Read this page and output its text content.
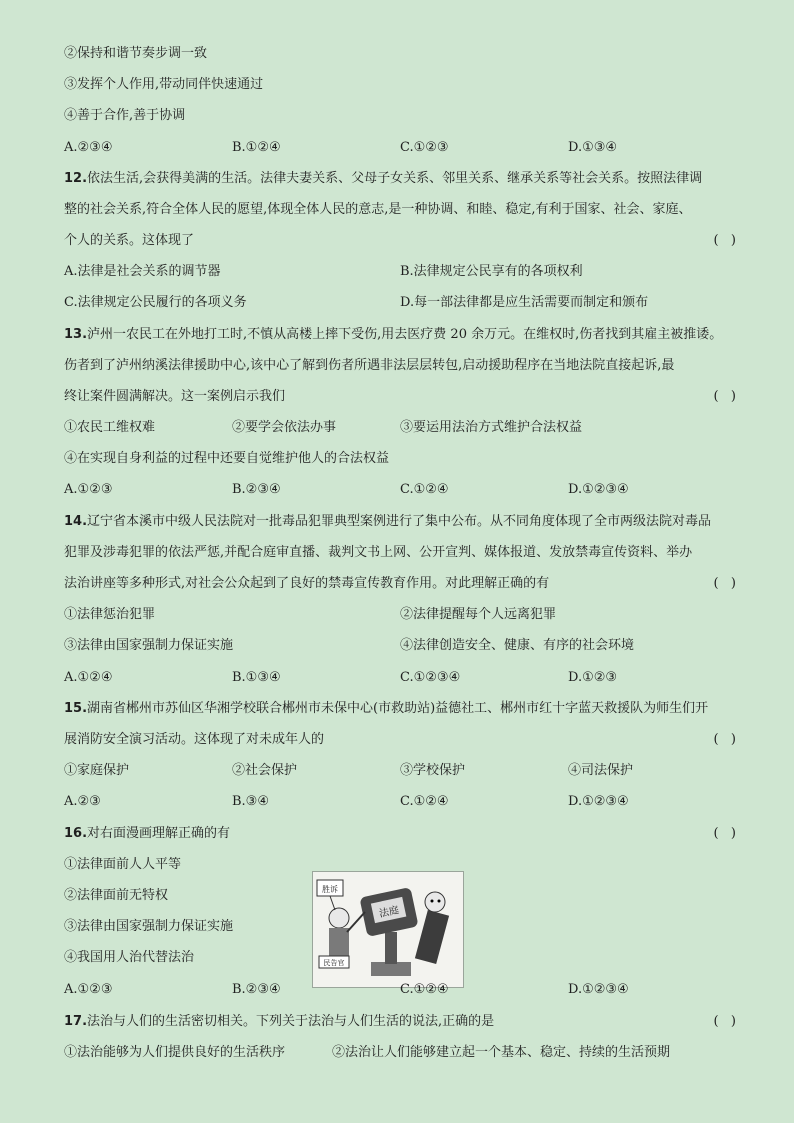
②保持和谐节奏步调一致
③发挥个人作用,带动同伴快速通过
④善于合作,善于协调
A.②③④	B.①②④	C.①②③	D.①③④
12.依法生活,会获得美满的生活。法律夫妻关系、父母子女关系、邻里关系、继承关系等社会关系。按照法律调
整的社会关系,符合全体人民的愿望,体现全体人民的意志,是一种协调、和睦、稳定,有利于国家、社会、家庭、
个人的关系。这体现了	(   )
A.法律是社会关系的调节器	B.法律规定公民享有的各项权利
C.法律规定公民履行的各项义务	D.每一部法律都是应生活需要而制定和颁布
13.泸州一农民工在外地打工时,不慎从高楼上摔下受伤,用去医疗费 20 余万元。在维权时,伤者找到其雇主被推诿。
伤者到了泸州纳溪法律援助中心,该中心了解到伤者所遇非法层层转包,启动援助程序在当地法院直接起诉,最
终让案件圆满解决。这一案例启示我们	(   )
①农民工维权难	②要学会依法办事	③要运用法治方式维护合法权益
④在实现自身利益的过程中还要自觉维护他人的合法权益
A.①②③	B.②③④	C.①②④	D.①②③④
14.辽宁省本溪市中级人民法院对一批毒品犯罪典型案例进行了集中公布。从不同角度体现了全市两级法院对毒品
犯罪及涉毒犯罪的依法严惩,并配合庭审直播、裁判文书上网、公开宣判、媒体报道、发放禁毒宣传资料、举办
法治讲座等多种形式,对社会公众起到了良好的禁毒宣传教育作用。对此理解正确的有	(   )
①法律惩治犯罪	②法律提醒每个人远离犯罪
③法律由国家强制力保证实施	④法律创造安全、健康、有序的社会环境
A.①②④	B.①③④	C.①②③④	D.①②③
15.湖南省郴州市苏仙区华湘学校联合郴州市未保中心(市救助站)益德社工、郴州市红十字蓝天救援队为师生们开
展消防安全演习活动。这体现了对未成年人的	(   )
①家庭保护	②社会保护	③学校保护	④司法保护
A.②③	B.③④	C.①②④	D.①②③④
16.对右面漫画理解正确的有	(   )
①法律面前人人平等
②法律面前无特权
③法律由国家强制力保证实施
④我国用人治代替法治
胜诉
法庭
民告官
A.①②③	B.②③④	C.①②④	D.①②③④
17.法治与人们的生活密切相关。下列关于法治与人们生活的说法,正确的是	(   )
①法治能够为人们提供良好的生活秩序	②法治让人们能够建立起一个基本、稳定、持续的生活预期
